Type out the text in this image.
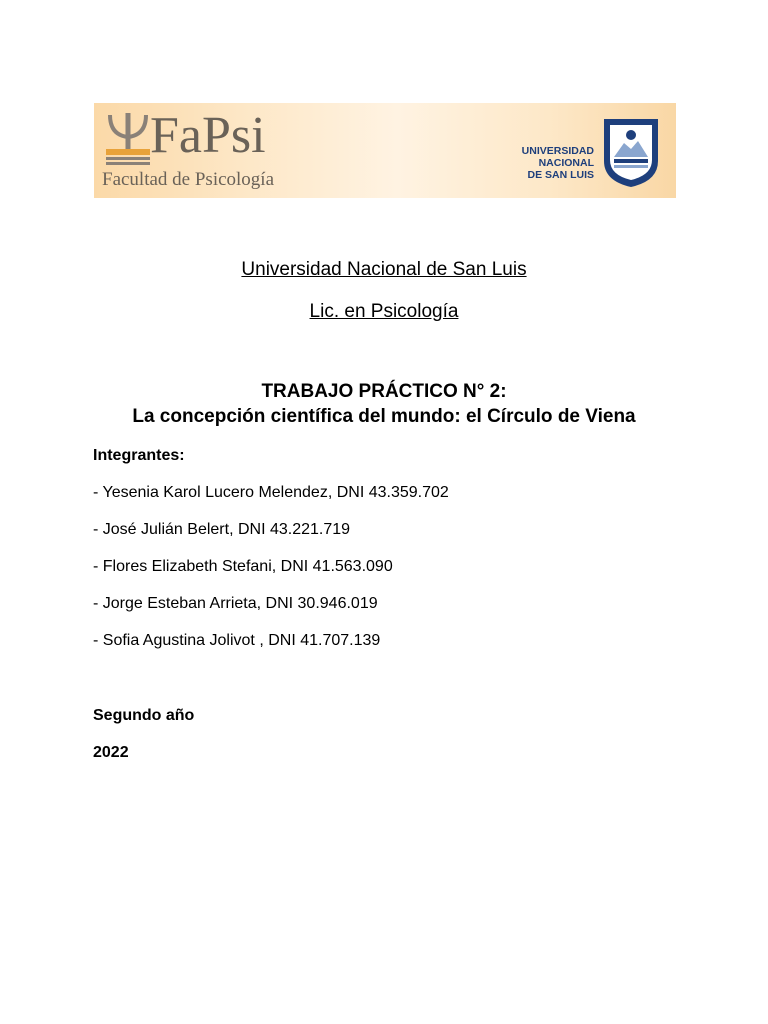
FaPsi
Facultad de Psicología
UNIVERSIDAD
NACIONAL
DE SAN LUIS
Universidad Nacional de San Luis
Lic. en Psicología
TRABAJO PRÁCTICO N° 2:
La concepción científica del mundo: el Círculo de Viena
Integrantes:
- Yesenia Karol Lucero Melendez, DNI 43.359.702
- José Julián Belert, DNI 43.221.719
- Flores Elizabeth Stefani, DNI 41.563.090
- Jorge Esteban Arrieta, DNI 30.946.019
- Sofia Agustina Jolivot , DNI 41.707.139
Segundo año
2022
